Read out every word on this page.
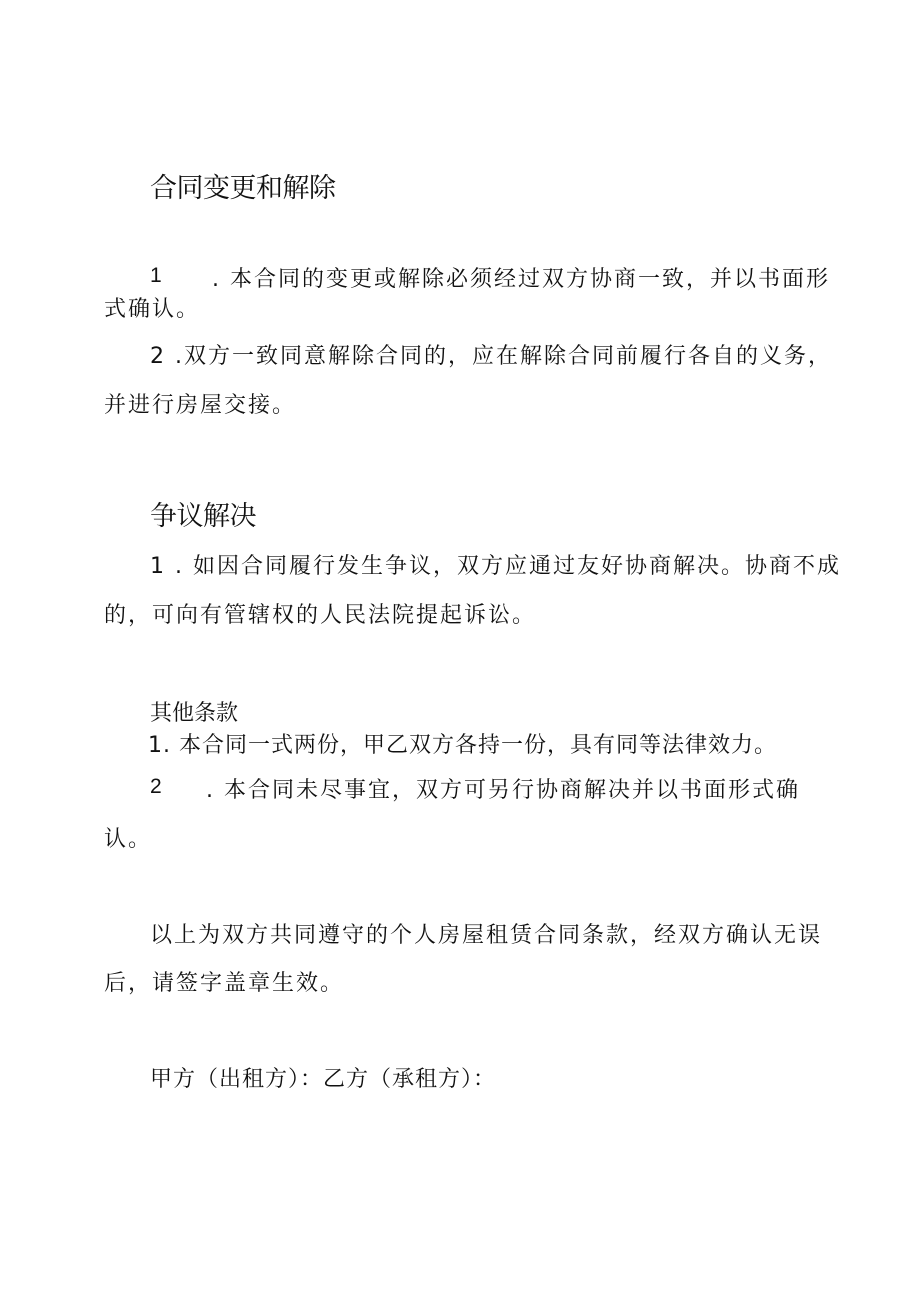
合同变更和解除
1 . 本合同的变更或解除必须经过双方协商一致，并以书面形
式确认。
2 .双方一致同意解除合同的，应在解除合同前履行各自的义务，
并进行房屋交接。
争议解决
1 . 如因合同履行发生争议，双方应通过友好协商解决。协商不成
的，可向有管辖权的人民法院提起诉讼。
其他条款
1. 本合同一式两份，甲乙双方各持一份，具有同等法律效力。
2 . 本合同未尽事宜，双方可另行协商解决并以书面形式确
认。
以上为双方共同遵守的个人房屋租赁合同条款，经双方确认无误
后，请签字盖章生效。
甲方（出租方）：乙方（承租方）：
